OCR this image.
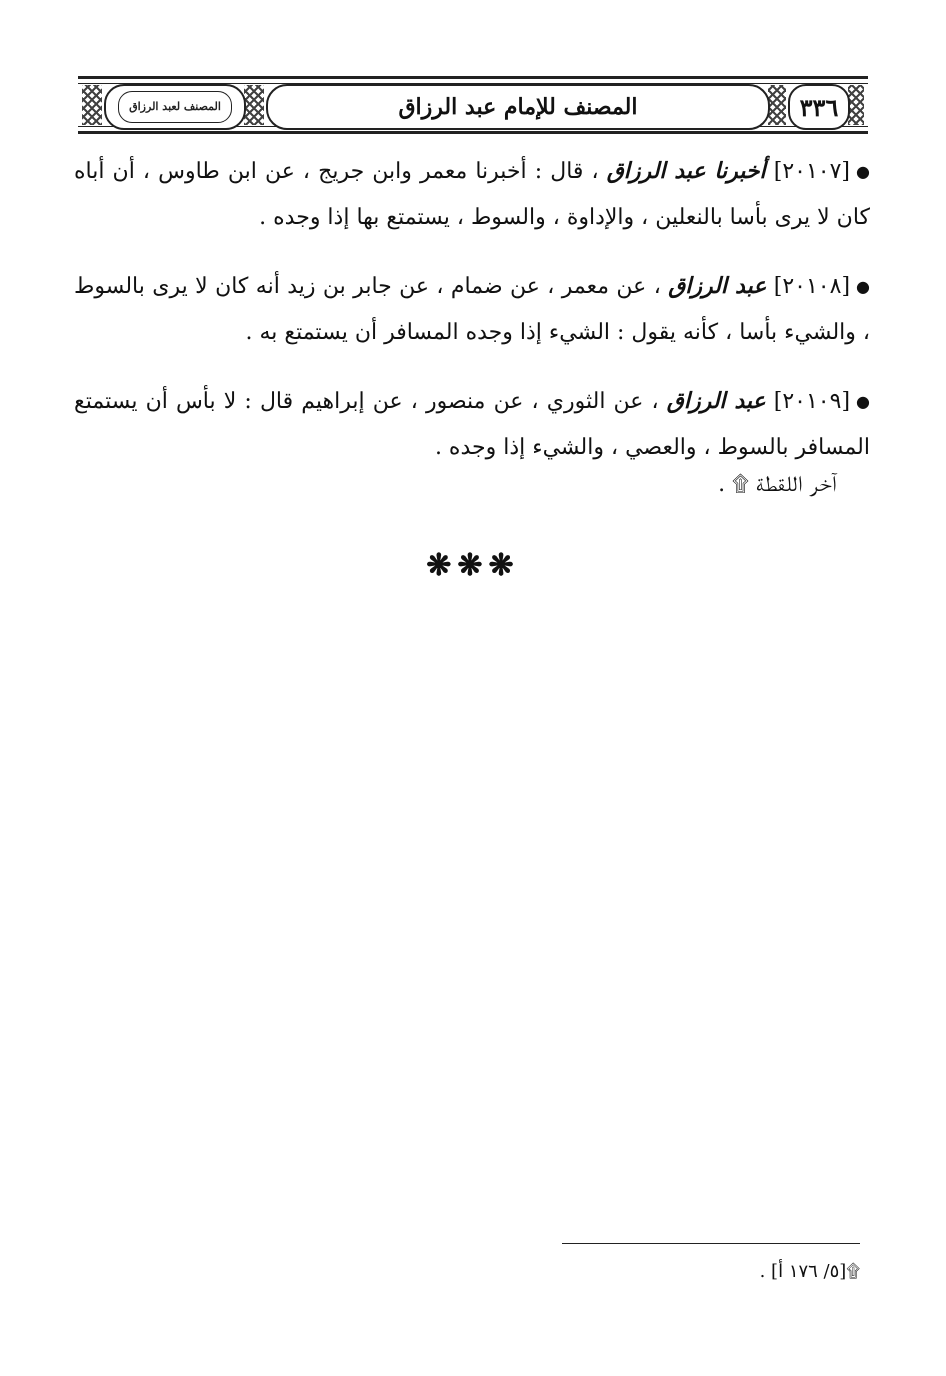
المصنف لعبد الرزاق	المصنف للإمام عبد الرزاق	٣٣٦

●[٢٠١٠٧] أخبرنا عبد الرزاق ، قال : أخبرنا معمر وابن جريج ، عن ابن طاوس ، أن أباه كان لا يرى بأسا بالنعلين ، والإداوة ، والسوط ، يستمتع بها إذا وجده .

●[٢٠١٠٨] عبد الرزاق ، عن معمر ، عن ضمام ، عن جابر بن زيد أنه كان لا يرى بالسوط ، والشيء بأسا ، كأنه يقول : الشيء إذا وجده المسافر أن يستمتع به .

●[٢٠١٠٩] عبد الرزاق ، عن الثوري ، عن منصور ، عن إبراهيم قال : لا بأس أن يستمتع المسافر بالسوط ، والعصي ، والشيء إذا وجده .

آخر اللقطة ۩ .
❋❋❋
۩[٥/ ١٧٦ أ] .
